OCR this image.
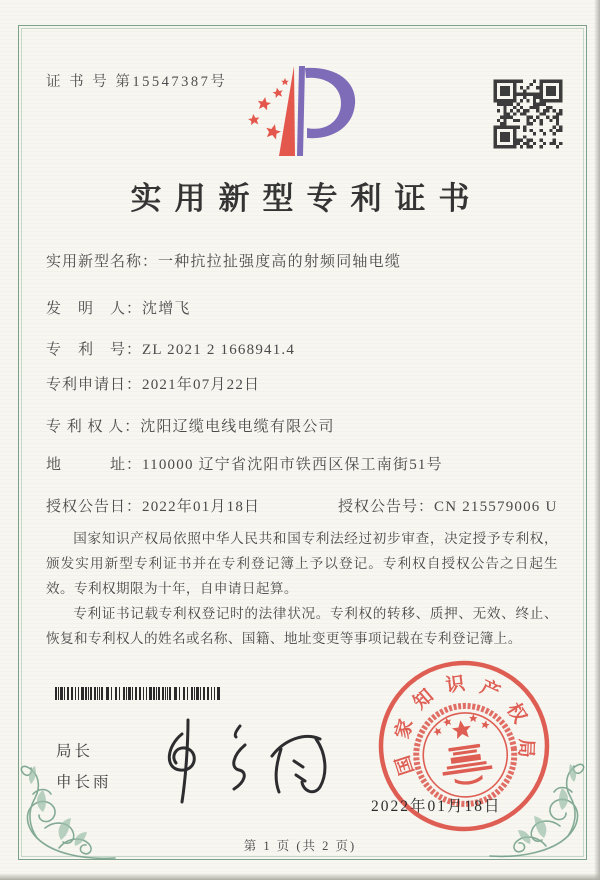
证 书 号 第15547387号
实用新型专利证书
实用新型名称：一种抗拉扯强度高的射频同轴电缆
发　明　人：沈增飞
专　利　号：ZL 2021 2 1668941.4
专利申请日：2021年07月22日
专 利 权 人：沈阳辽缆电线电缆有限公司
地　　　址：110000 辽宁省沈阳市铁西区保工南街51号
授权公告日：2022年01月18日	授权公告号：CN 215579006 U

国家知识产权局依照中华人民共和国专利法经过初步审查，决定授予专利权，颁发实用新型专利证书并在专利登记簿上予以登记。专利权自授权公告之日起生效。专利权期限为十年，自申请日起算。

专利证书记载专利权登记时的法律状况。专利权的转移、质押、无效、终止、恢复和专利权人的姓名或名称、国籍、地址变更等事项记载在专利登记簿上。

局长
申长雨
国
家
知
识 产
权
局
2022年01月18日
第 1 页 (共 2 页)
